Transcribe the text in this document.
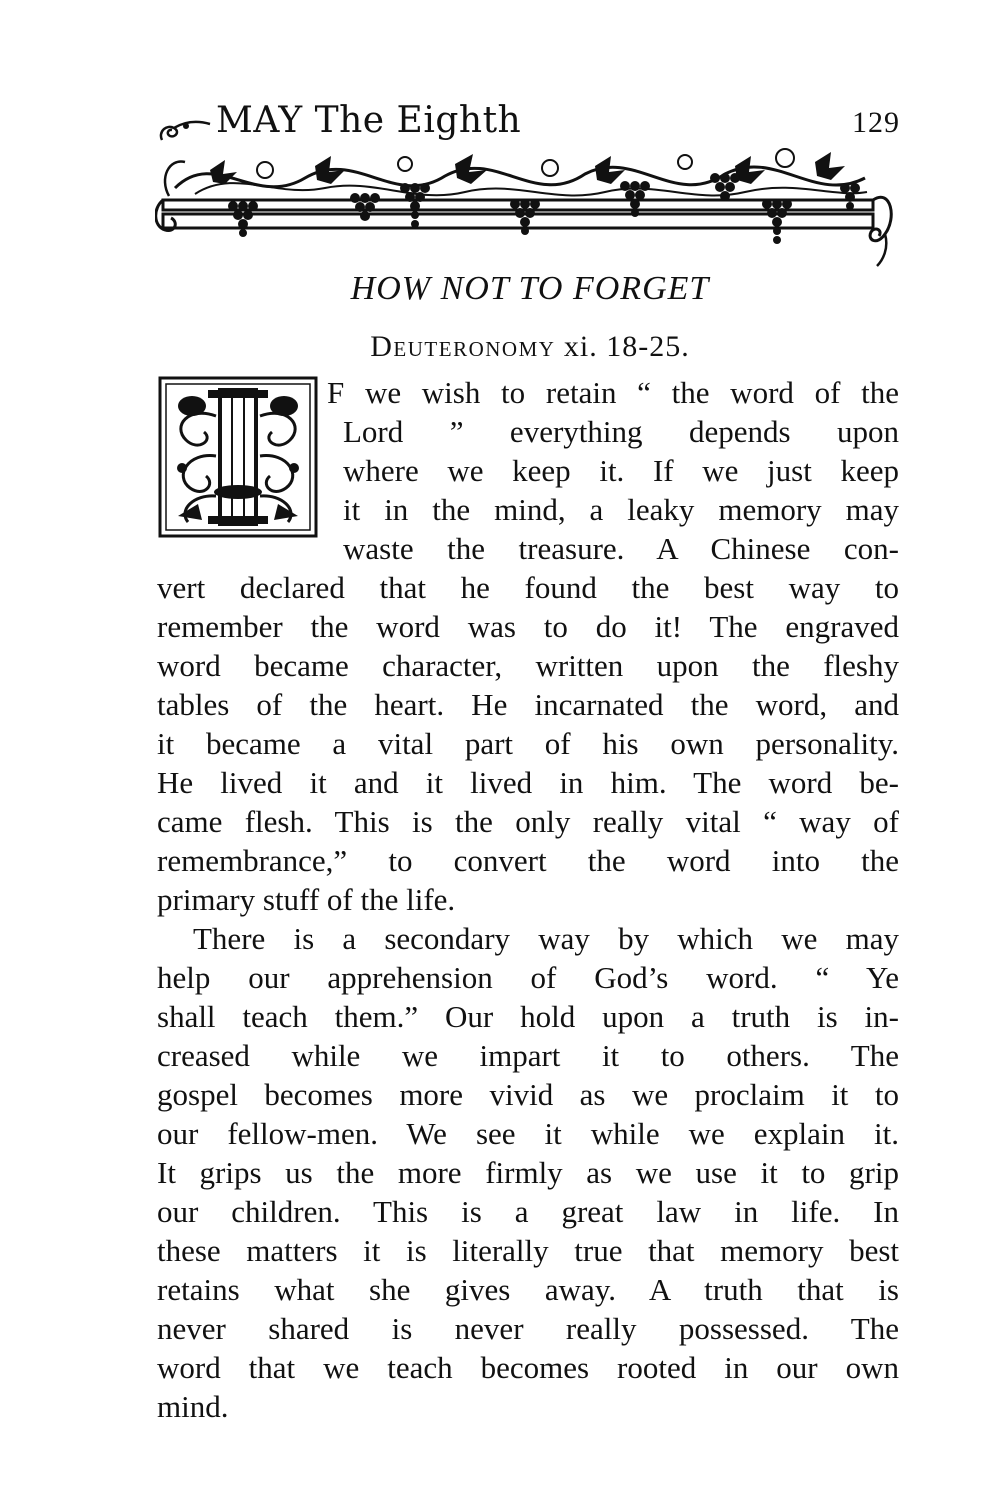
MAY The Eighth	129
HOW NOT TO FORGET
Deuteronomy xi. 18-25.
F we wish to retain “ the word of the
Lord ” everything depends upon
where we keep it. If we just keep
it in the mind, a leaky memory may
waste the treasure. A Chinese con-
vert declared that he found the best way to
remember the word was to do it! The engraved
word became character, written upon the fleshy
tables of the heart. He incarnated the word, and
it became a vital part of his own personality.
He lived it and it lived in him. The word be-
came flesh. This is the only really vital “ way of
remembrance,” to convert the word into the
primary stuff of the life.
There is a secondary way by which we may
help our apprehension of God’s word. “ Ye
shall teach them.” Our hold upon a truth is in-
creased while we impart it to others. The
gospel becomes more vivid as we proclaim it to
our fellow-men. We see it while we explain it.
It grips us the more firmly as we use it to grip
our children. This is a great law in life. In
these matters it is literally true that memory best
retains what she gives away. A truth that is
never shared is never really possessed. The
word that we teach becomes rooted in our own
mind.
